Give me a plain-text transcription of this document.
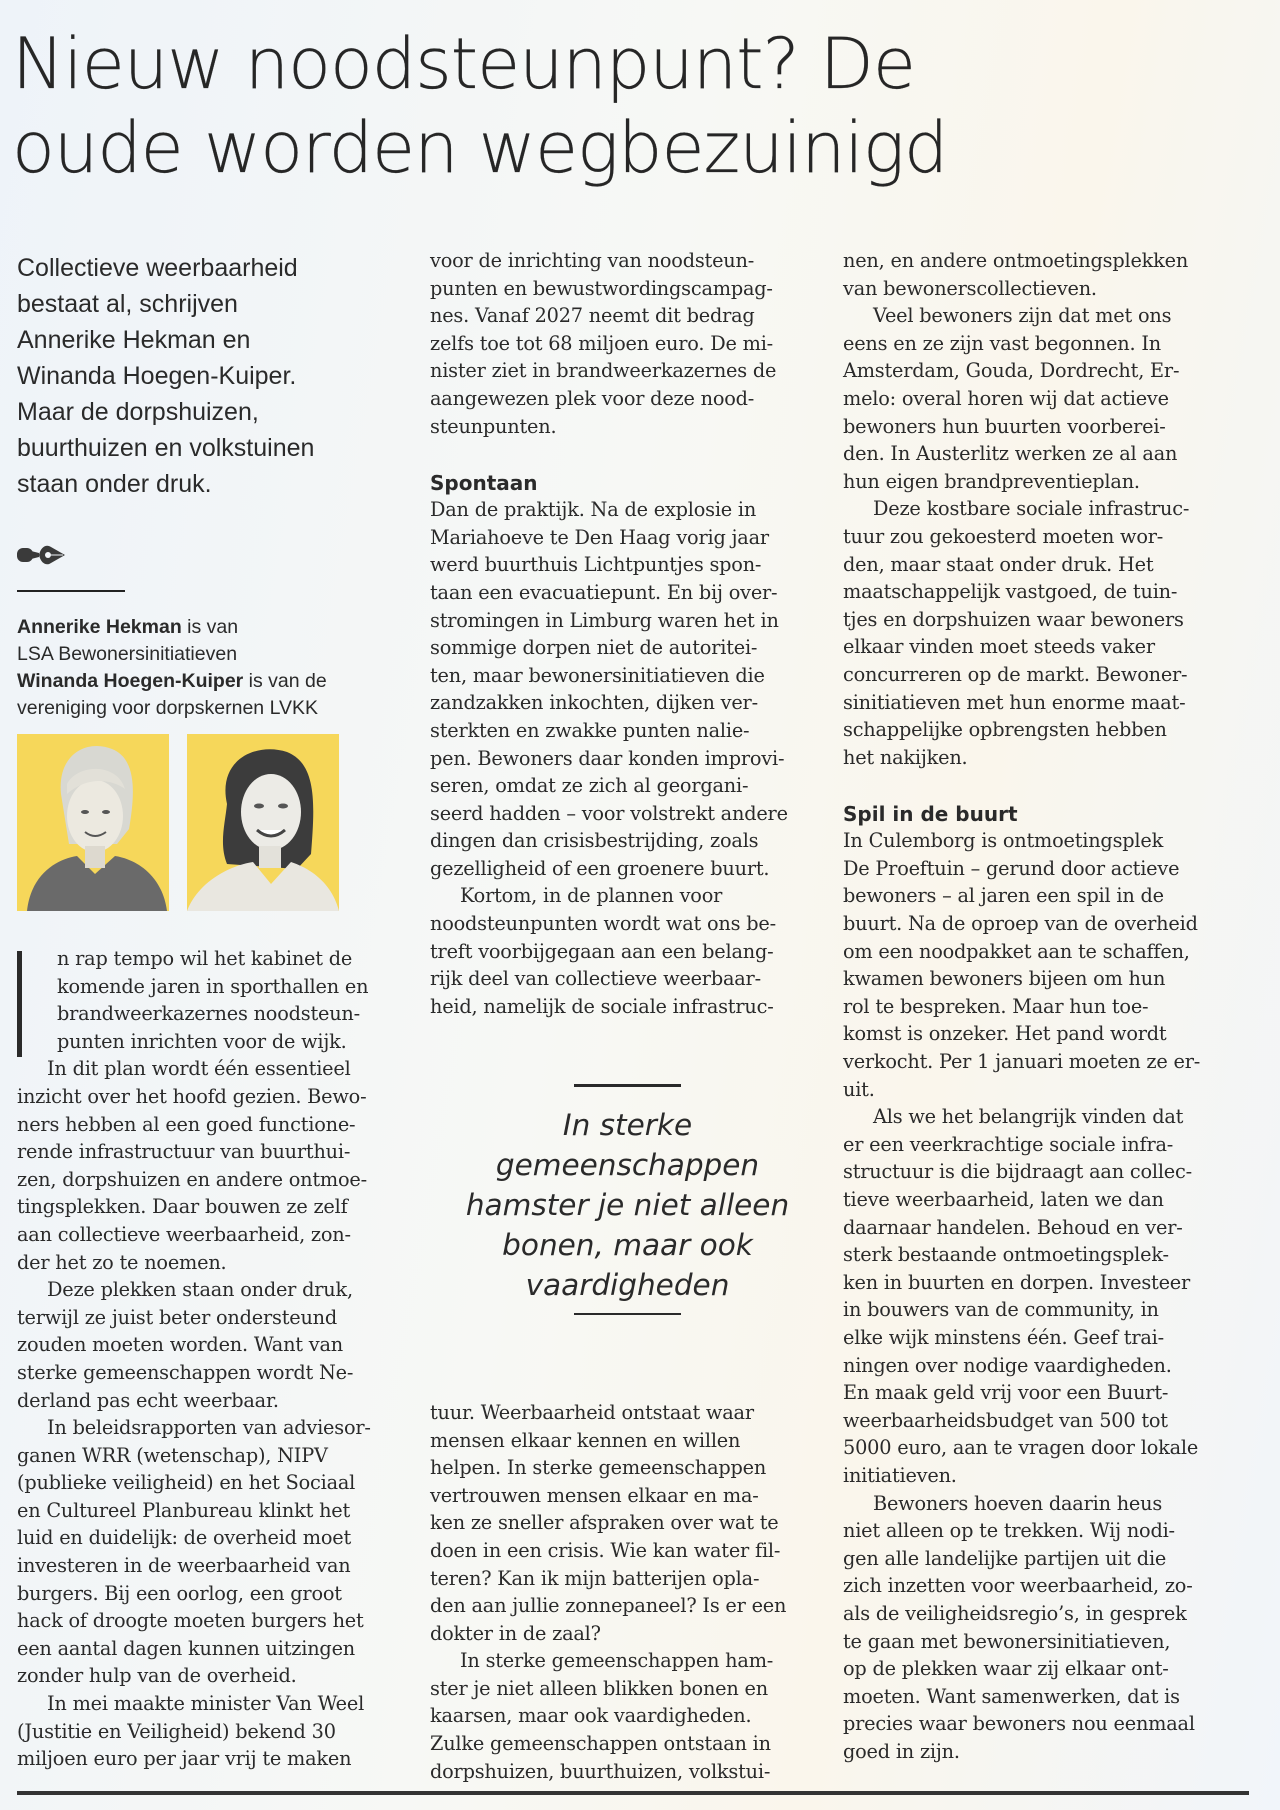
Nieuw noodsteunpunt? De
oude worden wegbezuinigd

Collectieve weerbaarheid
bestaat al, schrijven
Annerike Hekman en
Winanda Hoegen-Kuiper.
Maar de dorpshuizen,
buurthuizen en volkstuinen
staan onder druk.

Annerike Hekman is van
LSA Bewonersinitiatieven
Winanda Hoegen-Kuiper is van de
vereniging voor dorpskernen LVKK
n rap tempo wil het kabinet de
komende jaren in sporthallen en
brandweerkazernes noodsteun-
punten inrichten voor de wijk.
In dit plan wordt één essentieel
inzicht over het hoofd gezien. Bewo-
ners hebben al een goed functione-
rende infrastructuur van buurthui-
zen, dorpshuizen en andere ontmoe-
tingsplekken. Daar bouwen ze zelf
aan collectieve weerbaarheid, zon-
der het zo te noemen.
Deze plekken staan onder druk,
terwijl ze juist beter ondersteund
zouden moeten worden. Want van
sterke gemeenschappen wordt Ne-
derland pas echt weerbaar.
In beleidsrapporten van adviesor-
ganen WRR (wetenschap), NIPV
(publieke veiligheid) en het Sociaal
en Cultureel Planbureau klinkt het
luid en duidelijk: de overheid moet
investeren in de weerbaarheid van
burgers. Bij een oorlog, een groot
hack of droogte moeten burgers het
een aantal dagen kunnen uitzingen
zonder hulp van de overheid.
In mei maakte minister Van Weel
(Justitie en Veiligheid) bekend 30
miljoen euro per jaar vrij te maken
voor de inrichting van noodsteun-
punten en bewustwordingscampag-
nes. Vanaf 2027 neemt dit bedrag
zelfs toe tot 68 miljoen euro. De mi-
nister ziet in brandweerkazernes de
aangewezen plek voor deze nood-
steunpunten.
Spontaan
Dan de praktijk. Na de explosie in
Mariahoeve te Den Haag vorig jaar
werd buurthuis Lichtpuntjes spon-
taan een evacuatiepunt. En bij over-
stromingen in Limburg waren het in
sommige dorpen niet de autoritei-
ten, maar bewonersinitiatieven die
zandzakken inkochten, dijken ver-
sterkten en zwakke punten nalie-
pen. Bewoners daar konden improvi-
seren, omdat ze zich al georgani-
seerd hadden – voor volstrekt andere
dingen dan crisisbestrijding, zoals
gezelligheid of een groenere buurt.
Kortom, in de plannen voor
noodsteunpunten wordt wat ons be-
treft voorbijgegaan aan een belang-
rijk deel van collectieve weerbaar-
heid, namelijk de sociale infrastruc-
In sterke
gemeenschappen
hamster je niet alleen
bonen, maar ook
vaardigheden
tuur. Weerbaarheid ontstaat waar
mensen elkaar kennen en willen
helpen. In sterke gemeenschappen
vertrouwen mensen elkaar en ma-
ken ze sneller afspraken over wat te
doen in een crisis. Wie kan water fil-
teren? Kan ik mijn batterijen opla-
den aan jullie zonnepaneel? Is er een
dokter in de zaal?
In sterke gemeenschappen ham-
ster je niet alleen blikken bonen en
kaarsen, maar ook vaardigheden.
Zulke gemeenschappen ontstaan in
dorpshuizen, buurthuizen, volkstui-
nen, en andere ontmoetingsplekken
van bewonerscollectieven.
Veel bewoners zijn dat met ons
eens en ze zijn vast begonnen. In
Amsterdam, Gouda, Dordrecht, Er-
melo: overal horen wij dat actieve
bewoners hun buurten voorberei-
den. In Austerlitz werken ze al aan
hun eigen brandpreventieplan.
Deze kostbare sociale infrastruc-
tuur zou gekoesterd moeten wor-
den, maar staat onder druk. Het
maatschappelijk vastgoed, de tuin-
tjes en dorpshuizen waar bewoners
elkaar vinden moet steeds vaker
concurreren op de markt. Bewoner-
sinitiatieven met hun enorme maat-
schappelijke opbrengsten hebben
het nakijken.
Spil in de buurt
In Culemborg is ontmoetingsplek
De Proeftuin – gerund door actieve
bewoners – al jaren een spil in de
buurt. Na de oproep van de overheid
om een noodpakket aan te schaffen,
kwamen bewoners bijeen om hun
rol te bespreken. Maar hun toe-
komst is onzeker. Het pand wordt
verkocht. Per 1 januari moeten ze er-
uit.
Als we het belangrijk vinden dat
er een veerkrachtige sociale infra-
structuur is die bijdraagt aan collec-
tieve weerbaarheid, laten we dan
daarnaar handelen. Behoud en ver-
sterk bestaande ontmoetingsplek-
ken in buurten en dorpen. Investeer
in bouwers van de community, in
elke wijk minstens één. Geef trai-
ningen over nodige vaardigheden.
En maak geld vrij voor een Buurt-
weerbaarheidsbudget van 500 tot
5000 euro, aan te vragen door lokale
initiatieven.
Bewoners hoeven daarin heus
niet alleen op te trekken. Wij nodi-
gen alle landelijke partijen uit die
zich inzetten voor weerbaarheid, zo-
als de veiligheidsregio’s, in gesprek
te gaan met bewonersinitiatieven,
op de plekken waar zij elkaar ont-
moeten. Want samenwerken, dat is
precies waar bewoners nou eenmaal
goed in zijn.
